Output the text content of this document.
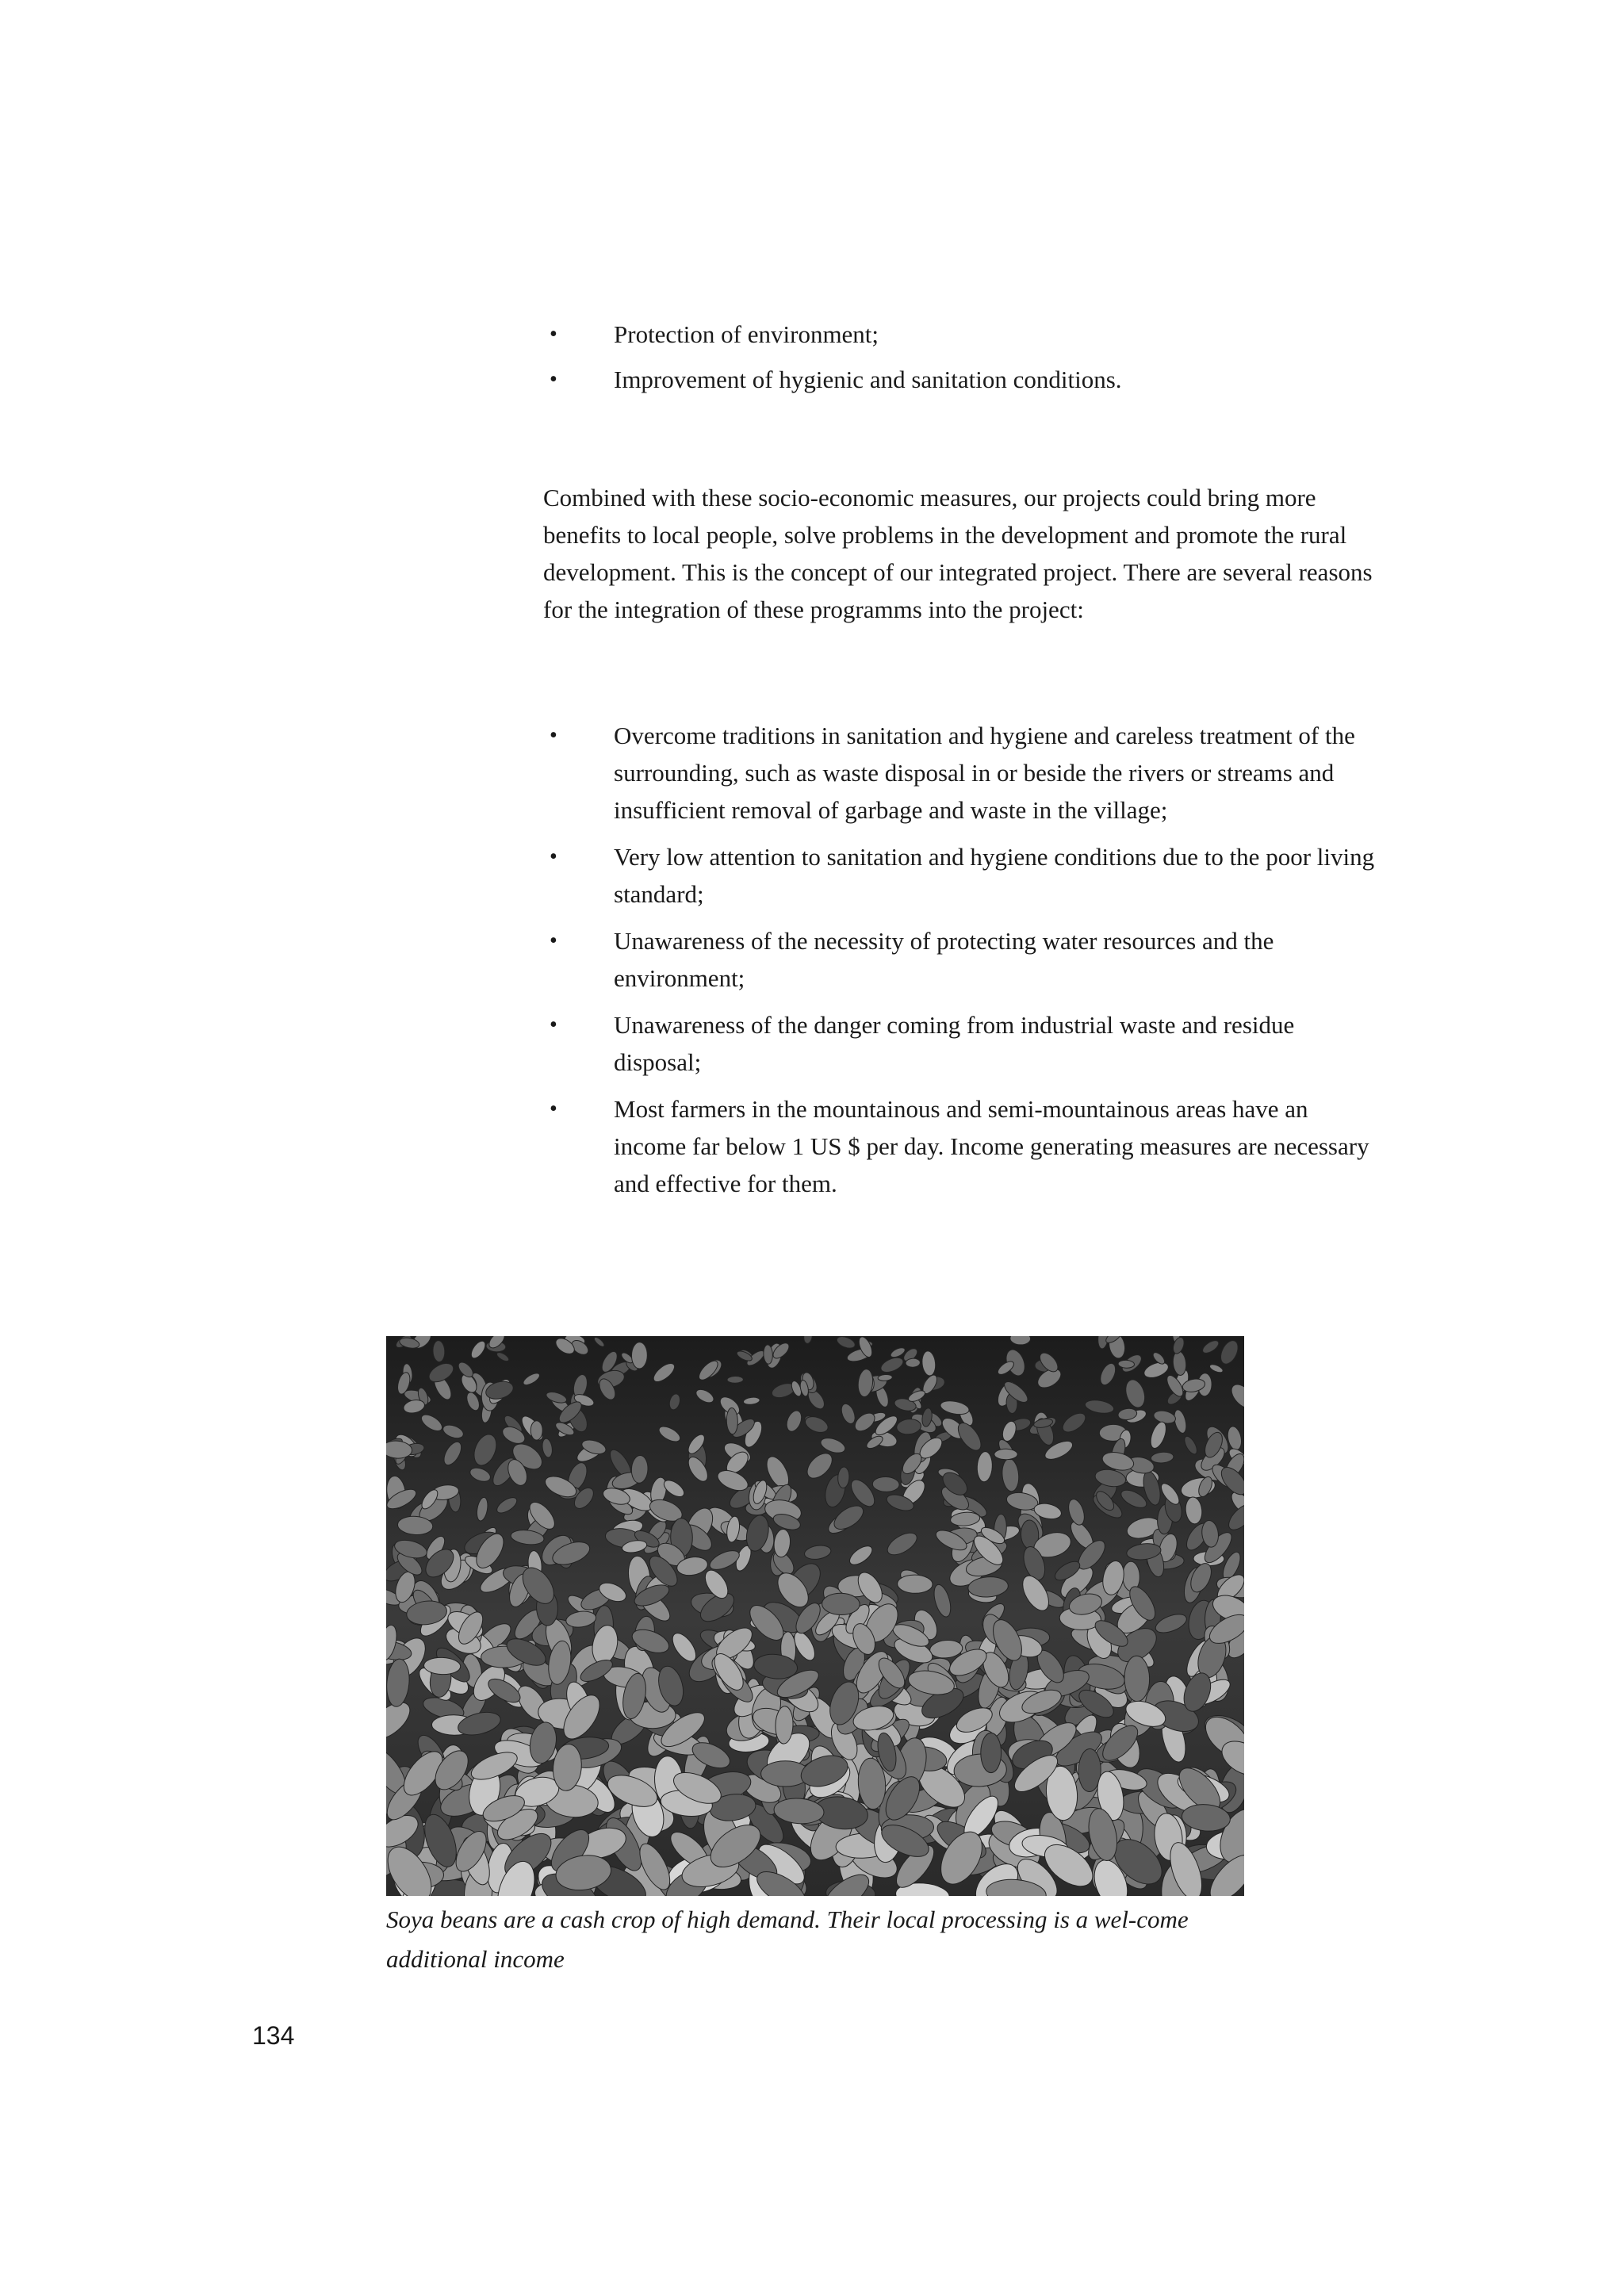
• Protection of environment;
• Improvement of hygienic and sanitation conditions.

Combined with these socio-economic measures, our projects could bring more benefits to local people, solve problems in the development and promote the rural development. This is the concept of our integrated project. There are several reasons for the integration of these programms into the project:

• Overcome traditions in sanitation and hygiene and careless treatment of the surrounding, such as waste disposal in or beside the rivers or streams and insufficient removal of garbage and waste in the village;
• Very low attention to sanitation and hygiene conditions due to the poor living standard;
• Unawareness of the necessity of protecting water resources and the environment;
• Unawareness of the danger coming from industrial waste and residue disposal;
• Most farmers in the mountainous and semi-mountainous areas have an income far below 1 US $ per day. Income generating measures are necessary and effective for them.

Soya beans are a cash crop of high demand. Their local processing is a wel-come additional income

134
